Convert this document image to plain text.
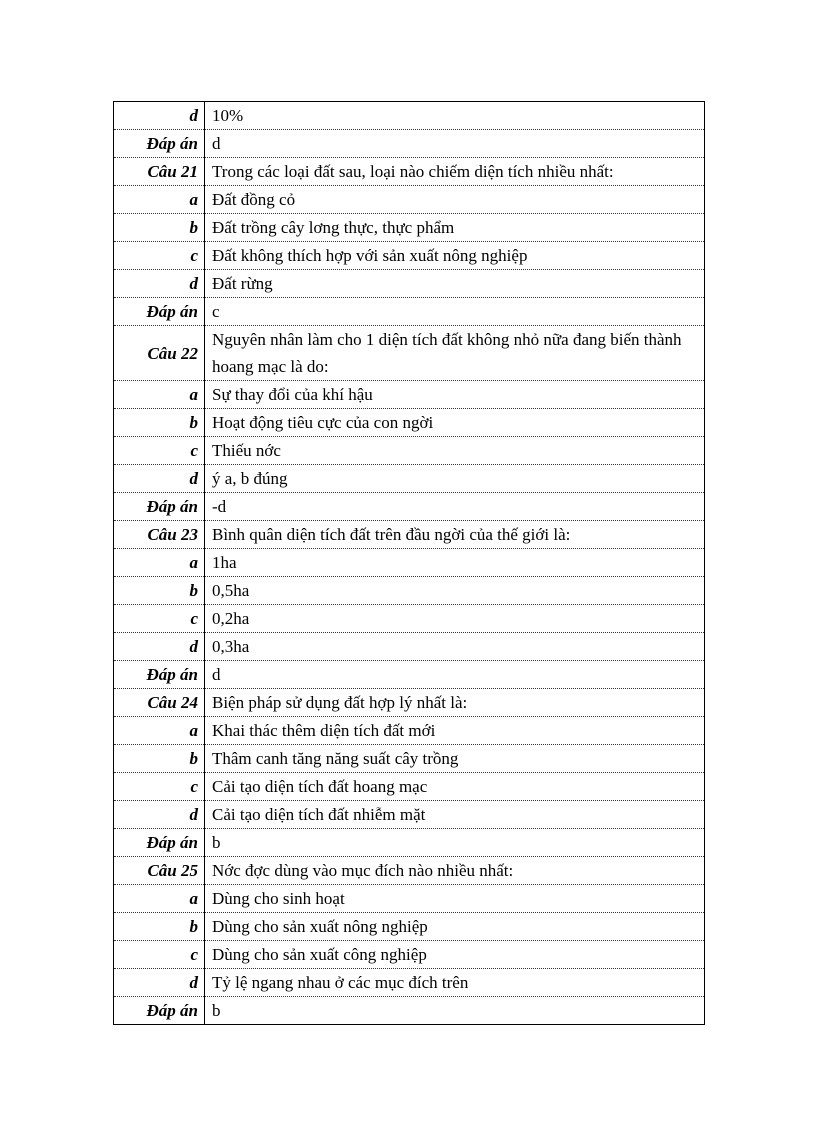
d	10%
Đáp án	d
Câu 21	Trong các loại đất sau, loại nào chiếm diện tích nhiều nhất:
a	Đất đồng cỏ
b	Đất trồng cây lơng thực, thực phẩm
c	Đất không thích hợp với sản xuất nông nghiệp
d	Đất rừng
Đáp án	c
Câu 22	Nguyên nhân làm cho 1 diện tích đất không nhỏ nữa đang biến thành hoang mạc là do:
a	Sự thay đổi của khí hậu
b	Hoạt động tiêu cực của con ngời
c	Thiếu nớc
d	ý a, b đúng
Đáp án	-d
Câu 23	Bình quân diện tích đất trên đầu ngời của thế giới là:
a	1ha
b	0,5ha
c	0,2ha
d	0,3ha
Đáp án	d
Câu 24	Biện pháp sử dụng đất hợp lý nhất là:
a	Khai thác thêm diện tích đất mới
b	Thâm canh tăng năng suất cây trồng
c	Cải tạo diện tích đất hoang mạc
d	Cải tạo diện tích đất nhiễm mặt
Đáp án	b
Câu 25	Nớc đợc dùng vào mục đích nào nhiều nhất:
a	Dùng cho sinh hoạt
b	Dùng cho sản xuất nông nghiệp
c	Dùng cho sản xuất công nghiệp
d	Tỷ lệ ngang nhau ở các mục đích trên
Đáp án	b
